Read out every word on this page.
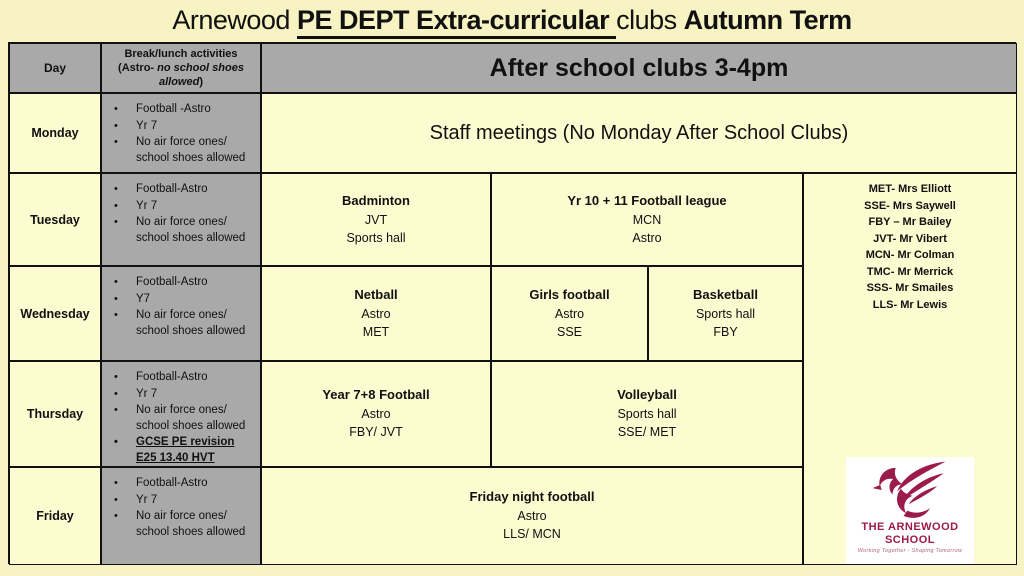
Arnewood PE DEPT Extra-curricular clubs Autumn Term
Day
Break/lunch activities
(Astro- no school shoes allowed)
After school clubs 3-4pm
Monday
• Football -Astro
• Yr 7
• No air force ones/ school shoes allowed
Staff meetings (No Monday After School Clubs)
Tuesday
• Football-Astro
• Yr 7
• No air force ones/ school shoes allowed
Badminton
JVT
Sports hall
Yr 10 + 11 Football league
MCN
Astro
MET- Mrs Elliott
SSE- Mrs Saywell
FBY – Mr Bailey
JVT- Mr Vibert
MCN- Mr Colman
TMC- Mr Merrick
SSS- Mr Smailes
LLS- Mr Lewis
THE ARNEWOOD
SCHOOL
Working Together - Shaping Tomorrow
Wednesday
• Football-Astro
• Y7
• No air force ones/ school shoes allowed
Netball
Astro
MET
Girls football
Astro
SSE
Basketball
Sports hall
FBY
Thursday
• Football-Astro
• Yr 7
• No air force ones/ school shoes allowed
• GCSE PE revision E25 13.40 HVT
Year 7+8 Football
Astro
FBY/ JVT
Volleyball
Sports hall
SSE/ MET
Friday
• Football-Astro
• Yr 7
• No air force ones/ school shoes allowed
Friday night football
Astro
LLS/ MCN
